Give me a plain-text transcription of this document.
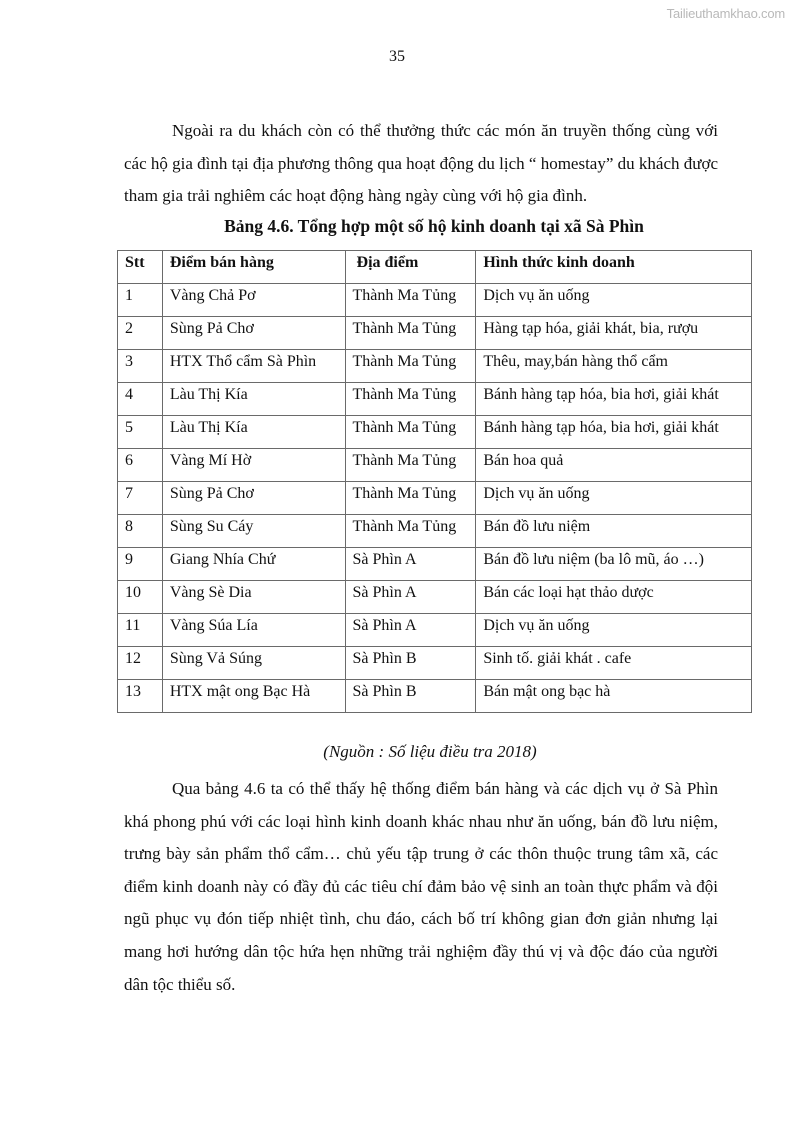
Tailieuthamkhao.com
35

Ngoài ra du khách còn có thể thưởng thức các món ăn truyền thống cùng với các hộ gia đình tại địa phương thông qua hoạt động du lịch “ homestay” du khách được tham gia trải nghiêm các hoạt động hàng ngày cùng với hộ gia đình.

Bảng 4.6. Tổng hợp một số hộ kinh doanh tại xã Sà Phìn
Stt	Điểm bán hàng	Địa điểm	Hình thức kinh doanh
1	Vàng Chả Pơ	Thành Ma Tủng	Dịch vụ ăn uống
2	Sùng Pả Chơ	Thành Ma Tủng	Hàng tạp hóa, giải khát, bia, rượu
3	HTX Thổ cẩm Sà Phìn	Thành Ma Tủng	Thêu, may,bán hàng thổ cẩm
4	Làu Thị Kía	Thành Ma Tủng	Bánh hàng tạp hóa, bia hơi, giải khát
5	Làu Thị Kía	Thành Ma Tủng	Bánh hàng tạp hóa, bia hơi, giải khát
6	Vàng Mí Hờ	Thành Ma Tủng	Bán hoa quả
7	Sùng Pả Chơ	Thành Ma Tủng	Dịch vụ ăn uống
8	Sùng Su Cáy	Thành Ma Tủng	Bán đồ lưu niệm
9	Giang Nhía Chứ	Sà Phìn A	Bán đồ lưu niệm (ba lô mũ, áo …)
10	Vàng Sè Dia	Sà Phìn A	Bán các loại hạt thảo dược
11	Vàng Súa Lía	Sà Phìn A	Dịch vụ ăn uống
12	Sùng Vả Súng	Sà Phìn B	Sinh tố. giải khát . cafe
13	HTX mật ong Bạc Hà	Sà Phìn B	Bán mật ong bạc hà
(Nguồn : Số liệu điều tra 2018)

Qua bảng 4.6 ta có thể thấy hệ thống điểm bán hàng và các dịch vụ ở Sà Phìn khá phong phú với các loại hình kinh doanh khác nhau như ăn uống, bán đồ lưu niệm, trưng bày sản phẩm thổ cẩm… chủ yếu tập trung ở các thôn thuộc trung tâm xã, các điểm kinh doanh này có đầy đủ các tiêu chí đảm bảo vệ sinh an toàn thực phẩm và đội ngũ phục vụ đón tiếp nhiệt tình, chu đáo, cách bố trí không gian đơn giản nhưng lại mang hơi hướng dân tộc hứa hẹn những trải nghiệm đầy thú vị và độc đáo của người dân tộc thiểu số.
